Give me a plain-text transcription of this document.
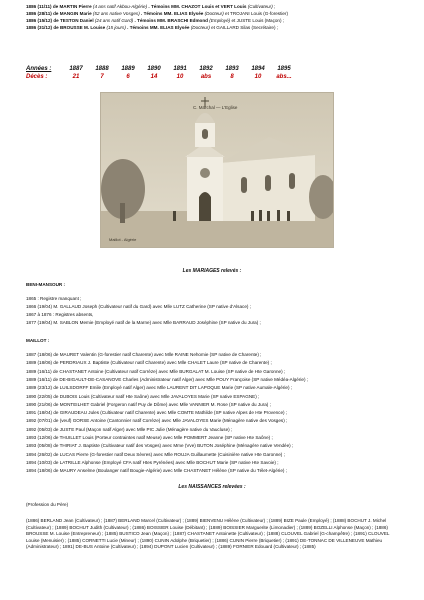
1886 (11/11) de MARTIN Pierre (4 ans natif Akbou-Algérie) . Témoins MM. CHAZOT Louis et VERT Louis (Cultivateur) ;
1886 (28/11) de MANGIN Marie (52 ans native Vosges) . Témoins MM. ELIAS Elysée (Docteur) et TROJANI Louis (G-forestier)
1886 (15/12) de TESTON Daniel (24 ans natif Gard) . Témoins MM. BRASCHI Edmond (Employé) et JUSTE Louis (Maçon) ;
1886 (31/12) de BROUSSE M. Louise (15 jours) . Témoins MM. ELIAS Elysée (Docteur) et GAILLARD Silas (Secrétaire) ;
Années :	1887	1888	1889	1890	1891	1892	1893	1894	1895
Décès :	21	7	6	14	10	abs	8	10	abs...
C. Marchal — L'Eglise
Maillot - Algérie
Les MARIAGES relevés :
BENI-MANSOUR :
1865 : Registre manquant ;
1866 (19/04) M. GALLAUD Joseph (Cultivateur natif du Gard) avec Mlle LUTZ Catherine (SP native d'Alsace) ;
1867 à 1876 : Registres absents,
1877 (19/04) M. SABLON Memie (Employé natif de la Marne) avec Mlle BARRAUD Joséphine (SP native du Jura) ;
MAILLOT :
1887 (18/06) de MAURET Valentin (G-forestier natif Charente) avec Mlle RAINE Nehomie (SP native de Charente) ;
1889 (18/06) de PERDRIAUX J. Baptiste (Cultivateur natif Charente) avec Mlle CHALET Laure (SP native de Charente) ;
1889 (16/11) de CHASTANET Antoine (Cultivateur natif Corrèze) avec Mlle BURGALAT M. Louise (SP native de Hte Garonne) ;
1889 (16/11) de DE-BIGAULT-DE-CASANOVE Charles (Administrateur natif Alger) avec Mlle POUY Françoise (SP native Médéa-Algérie) ;
1889 (23/12) de LUILSDORFF Emile (Employé natif Alger) avec Mlle LAURENT DIT LAPOQUE Marie (SP native Aumale-Algérie) ;
1890 (22/05) de DUBOIS Louis (Cultivateur natif Hte Saône) avec Mlle JAVALOYES Marie (SP native ESPAGNE) ;
1890 (21/06) de MONTEILHET Gabriel (Forgeron natif Puy de Dôme) avec Mlle VANNIER M. Rose (SP native du Jura) ;
1891 (18/04) de GIRAUDEAU Jules (Cultivateur natif Charente) avec Mlle COMTE Mathilde (SP native Alpes de Hte Provence) ;
1892 (07/01) de (veuf) GORSE Antoine (Cantonnier natif Corrèze) avec Mlle JAVALOYES Marie (Ménagère native des Vosges) ;
1892 (05/03) de JUSTE Paul (Maçon natif Alger) avec Mlle PIC Julie (Ménagère native du Vaucluse) ;
1893 (12/06) de THUILLET Louis (Porteur contraintes natif Meuse) avec Mlle POMMERT Jeanne (SP native Hte Saône) ;
1893 (05/08) de THIRIAT J. Baptiste (Cultivateur natif des Vosges) avec Mme (Vve) BUTON Joséphine (Ménagère native Vendée) ;
1894 (26/02) de LUCAS Pierre (G-forestier natif Deux Sèvres) avec Mlle ROUJA Guillaumette (Cuisinière native Hte Garonne) ;
1894 (10/03) de LATRILLE Alphonse (Employé CFA natif Htes Pyrénées) avec Mlle BOCHUT Marie (SP native Hte Savoie) ;
1894 (18/06) de MAURY Anselme (Boulanger natif Bougie-Algérie) avec Mlle CHASTANET Hélène (SP native du Télet-Algérie) ;
Les NAISSANCES relevées :
(Profession du Père)
(1886) BERLAND Jean (Cultivateur) ; (1887) BERLAND Marcel (Cultivateur) ; (1889) BIENVENU Hélène (Cultivateur) ; (1889) BIZE Paule (Employé) ; (1888) BOCHUT J. Michel (Cultivateur) ; (1889) BOCHUT Judith (Cultivateur) ; (1886) BOISSIER Louise (Débitant) ; (1889) BOISSIER Marguerite (Limonadier) ; (1889) BOZELLI Alphonse (Maçon) ; (1886) BROUSSE M. Louise (Entrepreneur) ; (1885) BUSTICO Jean (Maçon) ; (1887) CHASTANET Antoinette (Cultivateur) ; (1888) CLOUVEL Gabriel (G-champêtre) ; (1891) CLOUVEL Louise (Menuisier) ; (1885) CORNETTI Lucie (Mineur) ; (1890) CUNIN Adolphe (Briquetier) ; (1886) CUNIN Pierre (Briquetier) ; (1891) DE-TONNAC DE VILLENEUVE Mathieu (Administrateur) ; 1891) DE-BUS Antoine (Cultivateur) ; (1894) DUPONT Lucien (Cultivateur) ; (1889) FORNIER Edouard (Cultivateur) ; (1885)
